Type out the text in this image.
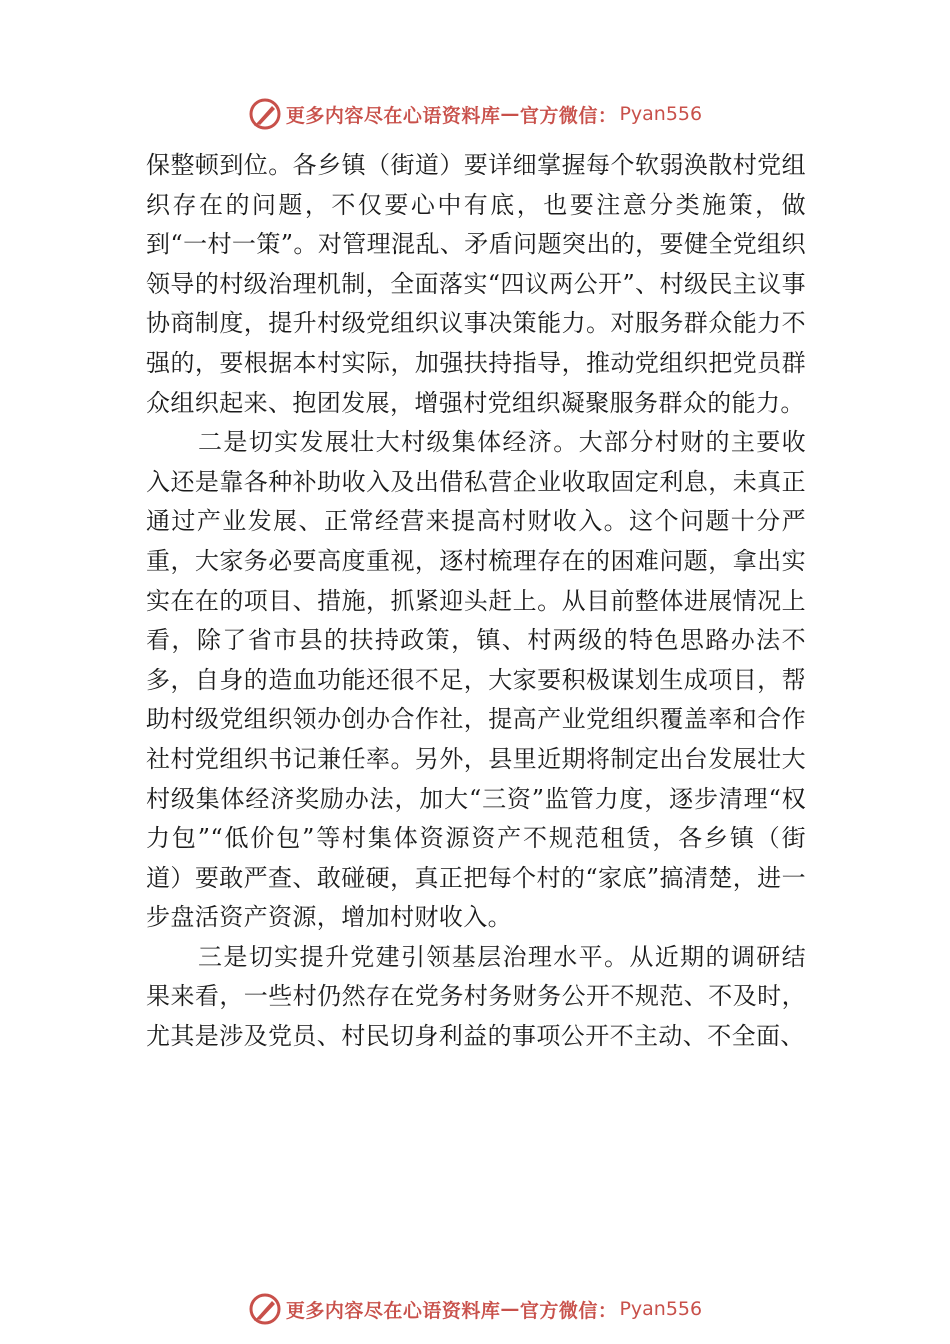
更多内容尽在心语资料库 — 官方微信： Pyan556

保整顿到位。各乡镇（街道）要详细掌握每个软弱涣散村党组织存在的问题，不仅要心中有底，也要注意分类施策，做到“一村一策”。对管理混乱、矛盾问题突出的，要健全党组织领导的村级治理机制，全面落实“四议两公开”、村级民主议事协商制度，提升村级党组织议事决策能力。对服务群众能力不强的，要根据本村实际，加强扶持指导，推动党组织把党员群众组织起来、抱团发展，增强村党组织凝聚服务群众的能力。

二是切实发展壮大村级集体经济。大部分村财的主要收入还是靠各种补助收入及出借私营企业收取固定利息，未真正通过产业发展、正常经营来提高村财收入。这个问题十分严重，大家务必要高度重视，逐村梳理存在的困难问题，拿出实实在在的项目、措施，抓紧迎头赶上。从目前整体进展情况上看，除了省市县的扶持政策，镇、村两级的特色思路办法不多，自身的造血功能还很不足，大家要积极谋划生成项目，帮助村级党组织领办创办合作社，提高产业党组织覆盖率和合作社村党组织书记兼任率。另外，县里近期将制定出台发展壮大村级集体经济奖励办法，加大“三资”监管力度，逐步清理“权力包”“低价包”等村集体资源资产不规范租赁，各乡镇（街道）要敢严查、敢碰硬，真正把每个村的“家底”搞清楚，进一步盘活资产资源，增加村财收入。

三是切实提升党建引领基层治理水平。从近期的调研结果来看，一些村仍然存在党务村务财务公开不规范、不及时，尤其是涉及党员、村民切身利益的事项公开不主动、不全面、

更多内容尽在心语资料库 — 官方微信： Pyan556
